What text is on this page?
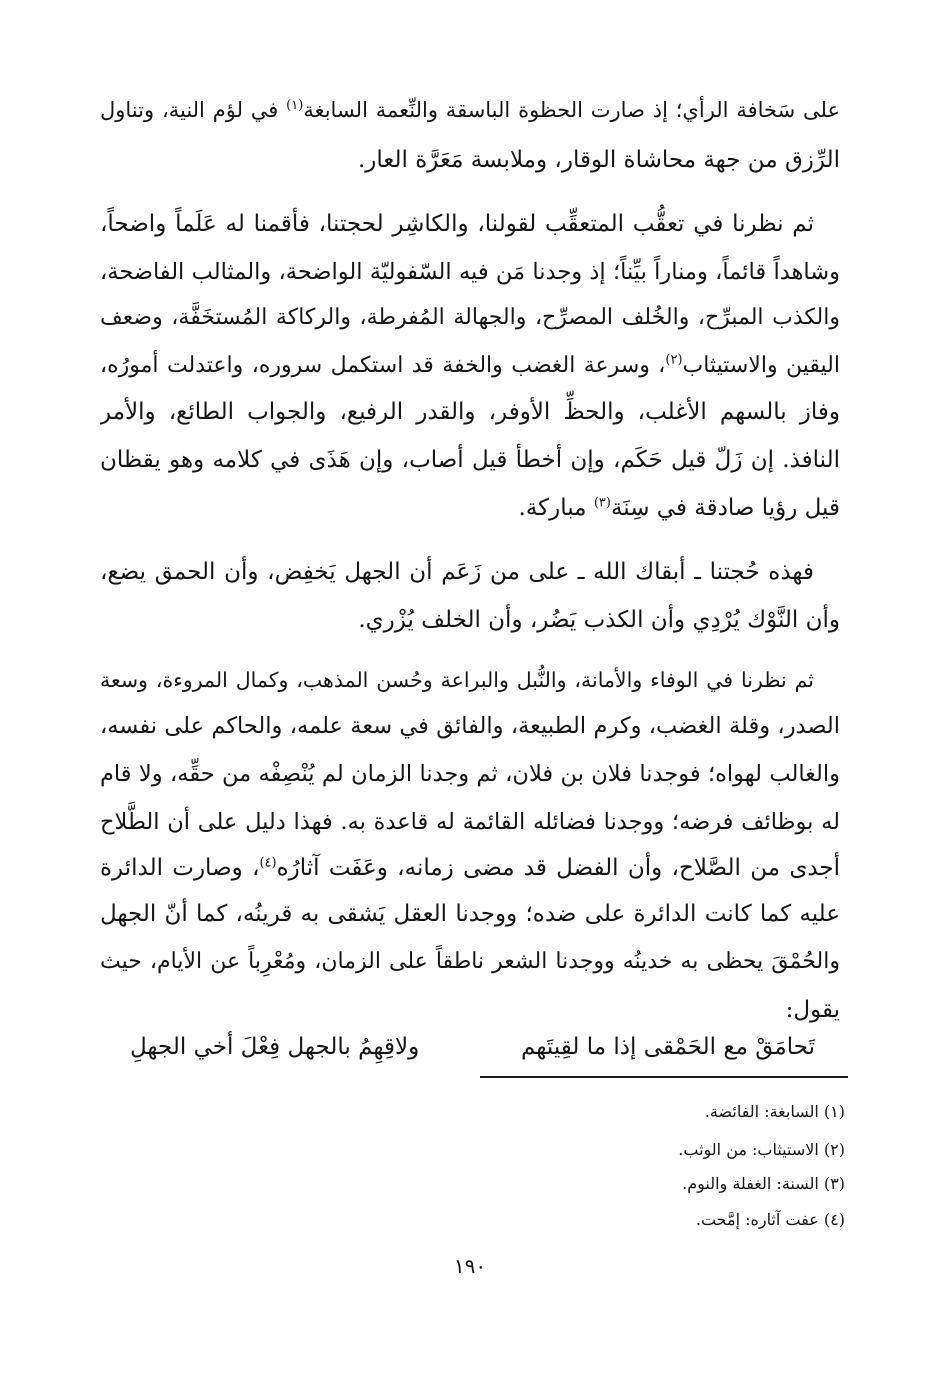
على سَخافة الرأي؛ إذ صارت الحظوة الباسقة والنِّعمة السابغة$^{(١)}$ في لؤم النية، وتناول
الرِّزق من جهة محاشاة الوقار، وملابسة مَعَرَّة العار.
ثم نظرنا في تعقُّب المتعقِّب لقولنا، والكاشِر لحجتنا، فأقمنا له عَلَماً واضحاً،
وشاهداً قائماً، ومناراً بيِّناً؛ إذ وجدنا مَن فيه السّفوليّة الواضحة، والمثالب الفاضحة،
والكذب المبرِّح، والخُلف المصرِّح، والجهالة المُفرطة، والركاكة المُستخَفَّة، وضعف
اليقين والاستيثاب$^{(٢)}$، وسرعة الغضب والخفة قد استكمل سروره، واعتدلت أمورُه،
وفاز بالسهم الأغلب، والحظِّ الأوفر، والقدر الرفيع، والجواب الطائع، والأمر
النافذ. إن زَلّ قيل حَكَم، وإن أخطأ قيل أصاب، وإن هَذَى في كلامه وهو يقظان
قيل رؤيا صادقة في سِنَة$^{(٣)}$ مباركة.
فهذه حُجتنا ـ أبقاك الله ـ على من زَعَم أن الجهل يَخفِض، وأن الحمق يضع،
وأن النَّوْك يُرْدِي وأن الكذب يَضُر، وأن الخلف يُزْري.
ثم نظرنا في الوفاء والأمانة، والنُّبل والبراعة وحُسن المذهب، وكمال المروءة، وسعة
الصدر، وقلة الغضب، وكرم الطبيعة، والفائق في سعة علمه، والحاكم على نفسه،
والغالب لهواه؛ فوجدنا فلان بن فلان، ثم وجدنا الزمان لم يُنْصِفْه من حقِّه، ولا قام
له بوظائف فرضه؛ ووجدنا فضائله القائمة له قاعدة به. فهذا دليل على أن الطَّلاح
أجدى من الصَّلاح، وأن الفضل قد مضى زمانه، وعَفَت آثارُه$^{(٤)}$، وصارت الدائرة
عليه كما كانت الدائرة على ضده؛ ووجدنا العقل يَشقى به قرينُه، كما أنّ الجهل
والحُمْقَ يحظى به خدينُه ووجدنا الشعر ناطقاً على الزمان، ومُعْرِباً عن الأيام، حيث
يقول:
تَحامَقْ مع الحَمْقى إذا ما لقِيتَهم
ولاقِهِمُ بالجهل فِعْلَ أخي الجهلِ
(١) السابغة: الفائضة.
(٢) الاستيثاب: من الوثب.
(٣) السنة: الغفلة والنوم.
(٤) عفت آثاره: إمَّحت.
١٩٠
